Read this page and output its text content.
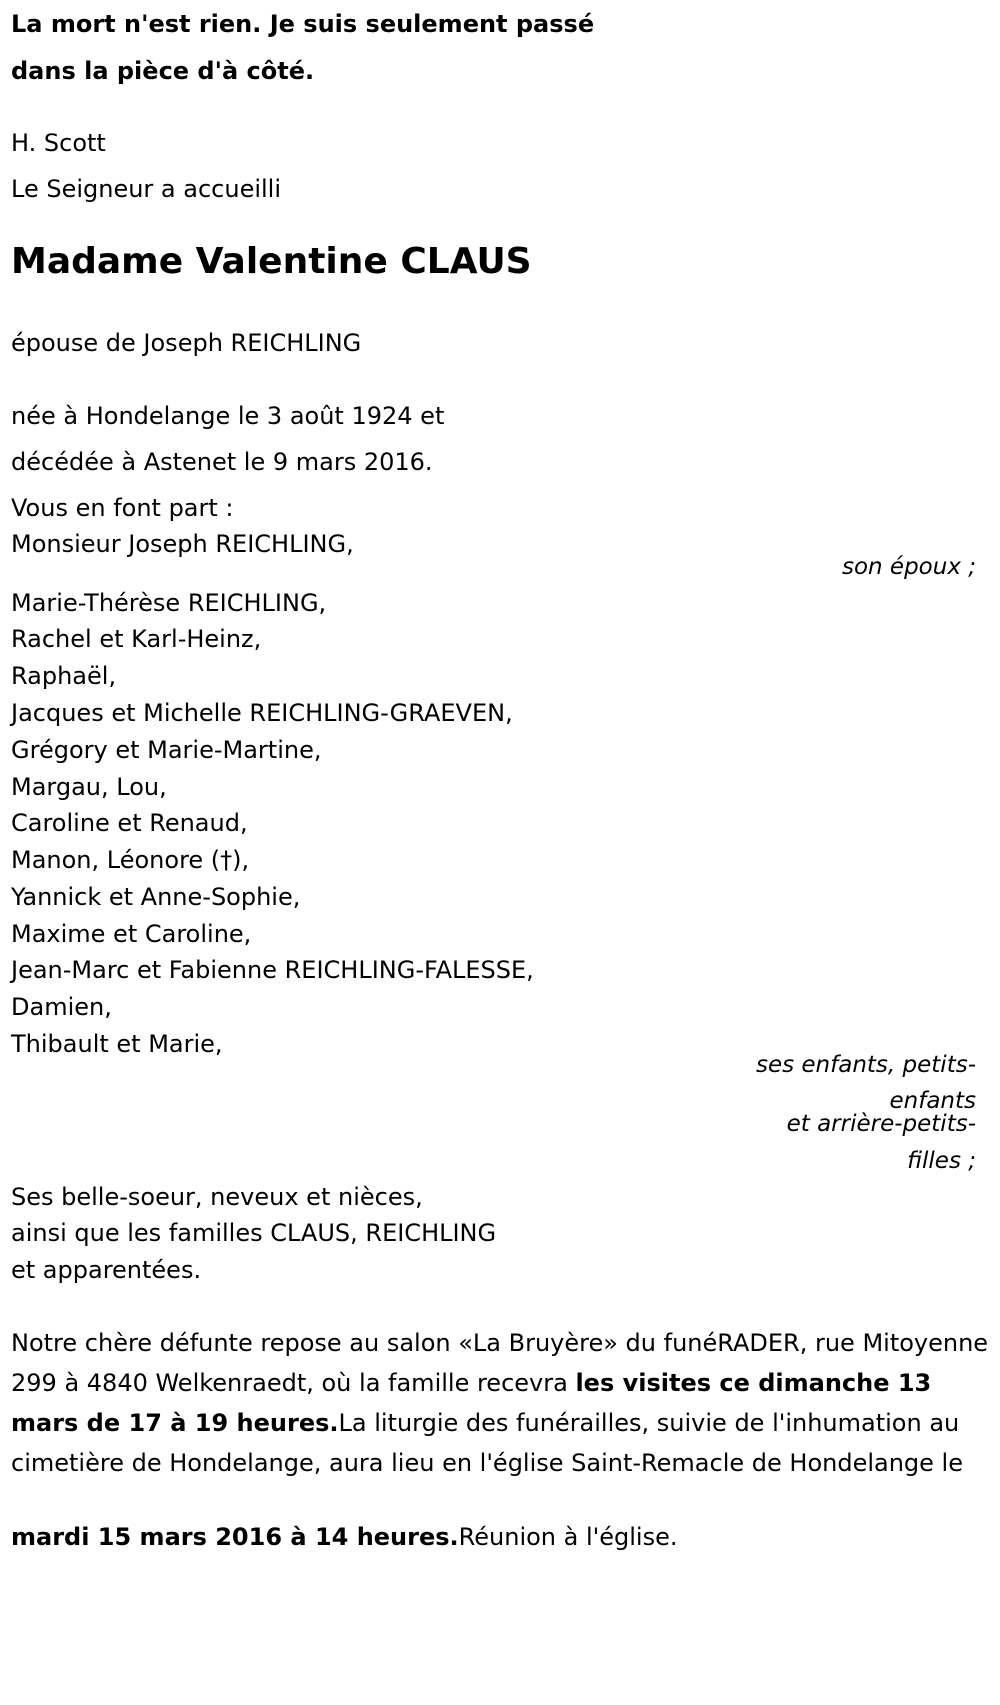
La mort n'est rien. Je suis seulement passé
dans la pièce d'à côté.
H. Scott
Le Seigneur a accueilli
Madame Valentine CLAUS
épouse de Joseph REICHLING
née à Hondelange le 3 août 1924 et
décédée à Astenet le 9 mars 2016.
Vous en font part :
Monsieur Joseph REICHLING,
son époux ;
Marie-Thérèse REICHLING,
Rachel et Karl-Heinz,
Raphaël,
Jacques et Michelle REICHLING-GRAEVEN,
Grégory et Marie-Martine,
Margau, Lou,
Caroline et Renaud,
Manon, Léonore (†),
Yannick et Anne-Sophie,
Maxime et Caroline,
Jean-Marc et Fabienne REICHLING-FALESSE,
Damien,
Thibault et Marie,
ses enfants, petits-
enfants
et arrière-petits-
filles ;
Ses belle-soeur, neveux et nièces,
ainsi que les familles CLAUS, REICHLING
et apparentées.
Notre chère défunte repose au salon «La Bruyère» du funéRADER, rue Mitoyenne 299 à 4840 Welkenraedt, où la famille recevra les visites ce dimanche 13 mars de 17 à 19 heures.La liturgie des funérailles, suivie de l'inhumation au cimetière de Hondelange, aura lieu en l'église Saint-Remacle de Hondelange le
mardi 15 mars 2016 à 14 heures.Réunion à l'église.
